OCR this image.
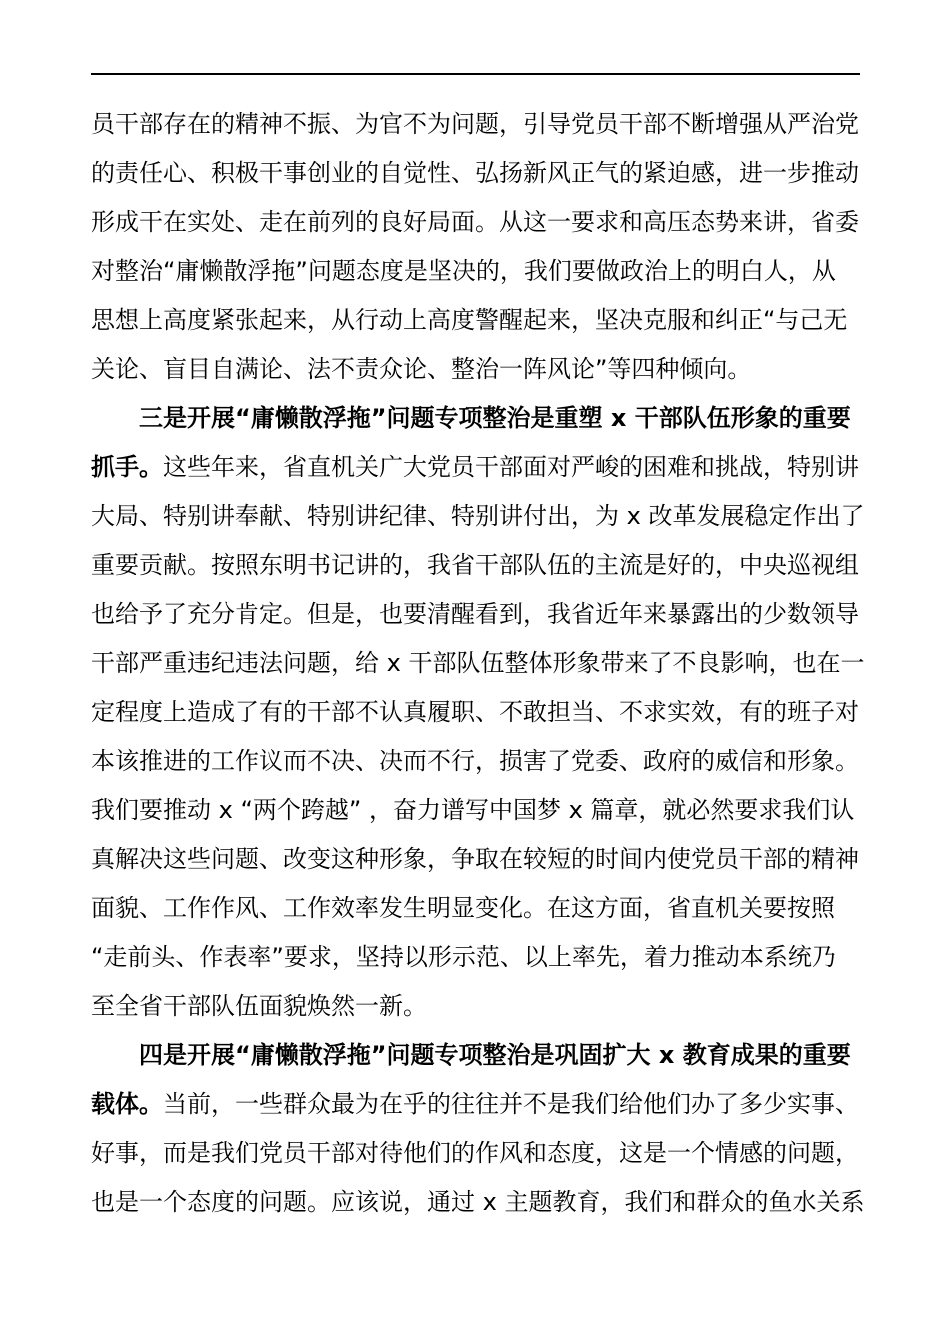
员干部存在的精神不振、为官不为问题，引导党员干部不断增强从严治党
的责任心、积极干事创业的自觉性、弘扬新风正气的紧迫感，进一步推动
形成干在实处、走在前列的良好局面。从这一要求和高压态势来讲，省委
对整治“庸懒散浮拖”问题态度是坚决的，我们要做政治上的明白人，从
思想上高度紧张起来，从行动上高度警醒起来，坚决克服和纠正“与己无
关论、盲目自满论、法不责众论、整治一阵风论”等四种倾向。
三是开展“庸懒散浮拖”问题专项整治是重塑 x 干部队伍形象的重要
抓手。这些年来，省直机关广大党员干部面对严峻的困难和挑战，特别讲
大局、特别讲奉献、特别讲纪律、特别讲付出，为 x 改革发展稳定作出了
重要贡献。按照东明书记讲的，我省干部队伍的主流是好的，中央巡视组
也给予了充分肯定。但是，也要清醒看到，我省近年来暴露出的少数领导
干部严重违纪违法问题，给 x 干部队伍整体形象带来了不良影响，也在一
定程度上造成了有的干部不认真履职、不敢担当、不求实效，有的班子对
本该推进的工作议而不决、决而不行，损害了党委、政府的威信和形象。
我们要推动 x “两个跨越” ，奋力谱写中国梦 x 篇章，就必然要求我们认
真解决这些问题、改变这种形象，争取在较短的时间内使党员干部的精神
面貌、工作作风、工作效率发生明显变化。在这方面，省直机关要按照
“走前头、作表率”要求，坚持以形示范、以上率先，着力推动本系统乃
至全省干部队伍面貌焕然一新。
四是开展“庸懒散浮拖”问题专项整治是巩固扩大 x 教育成果的重要
载体。当前，一些群众最为在乎的往往并不是我们给他们办了多少实事、
好事，而是我们党员干部对待他们的作风和态度，这是一个情感的问题，
也是一个态度的问题。应该说，通过 x 主题教育，我们和群众的鱼水关系
